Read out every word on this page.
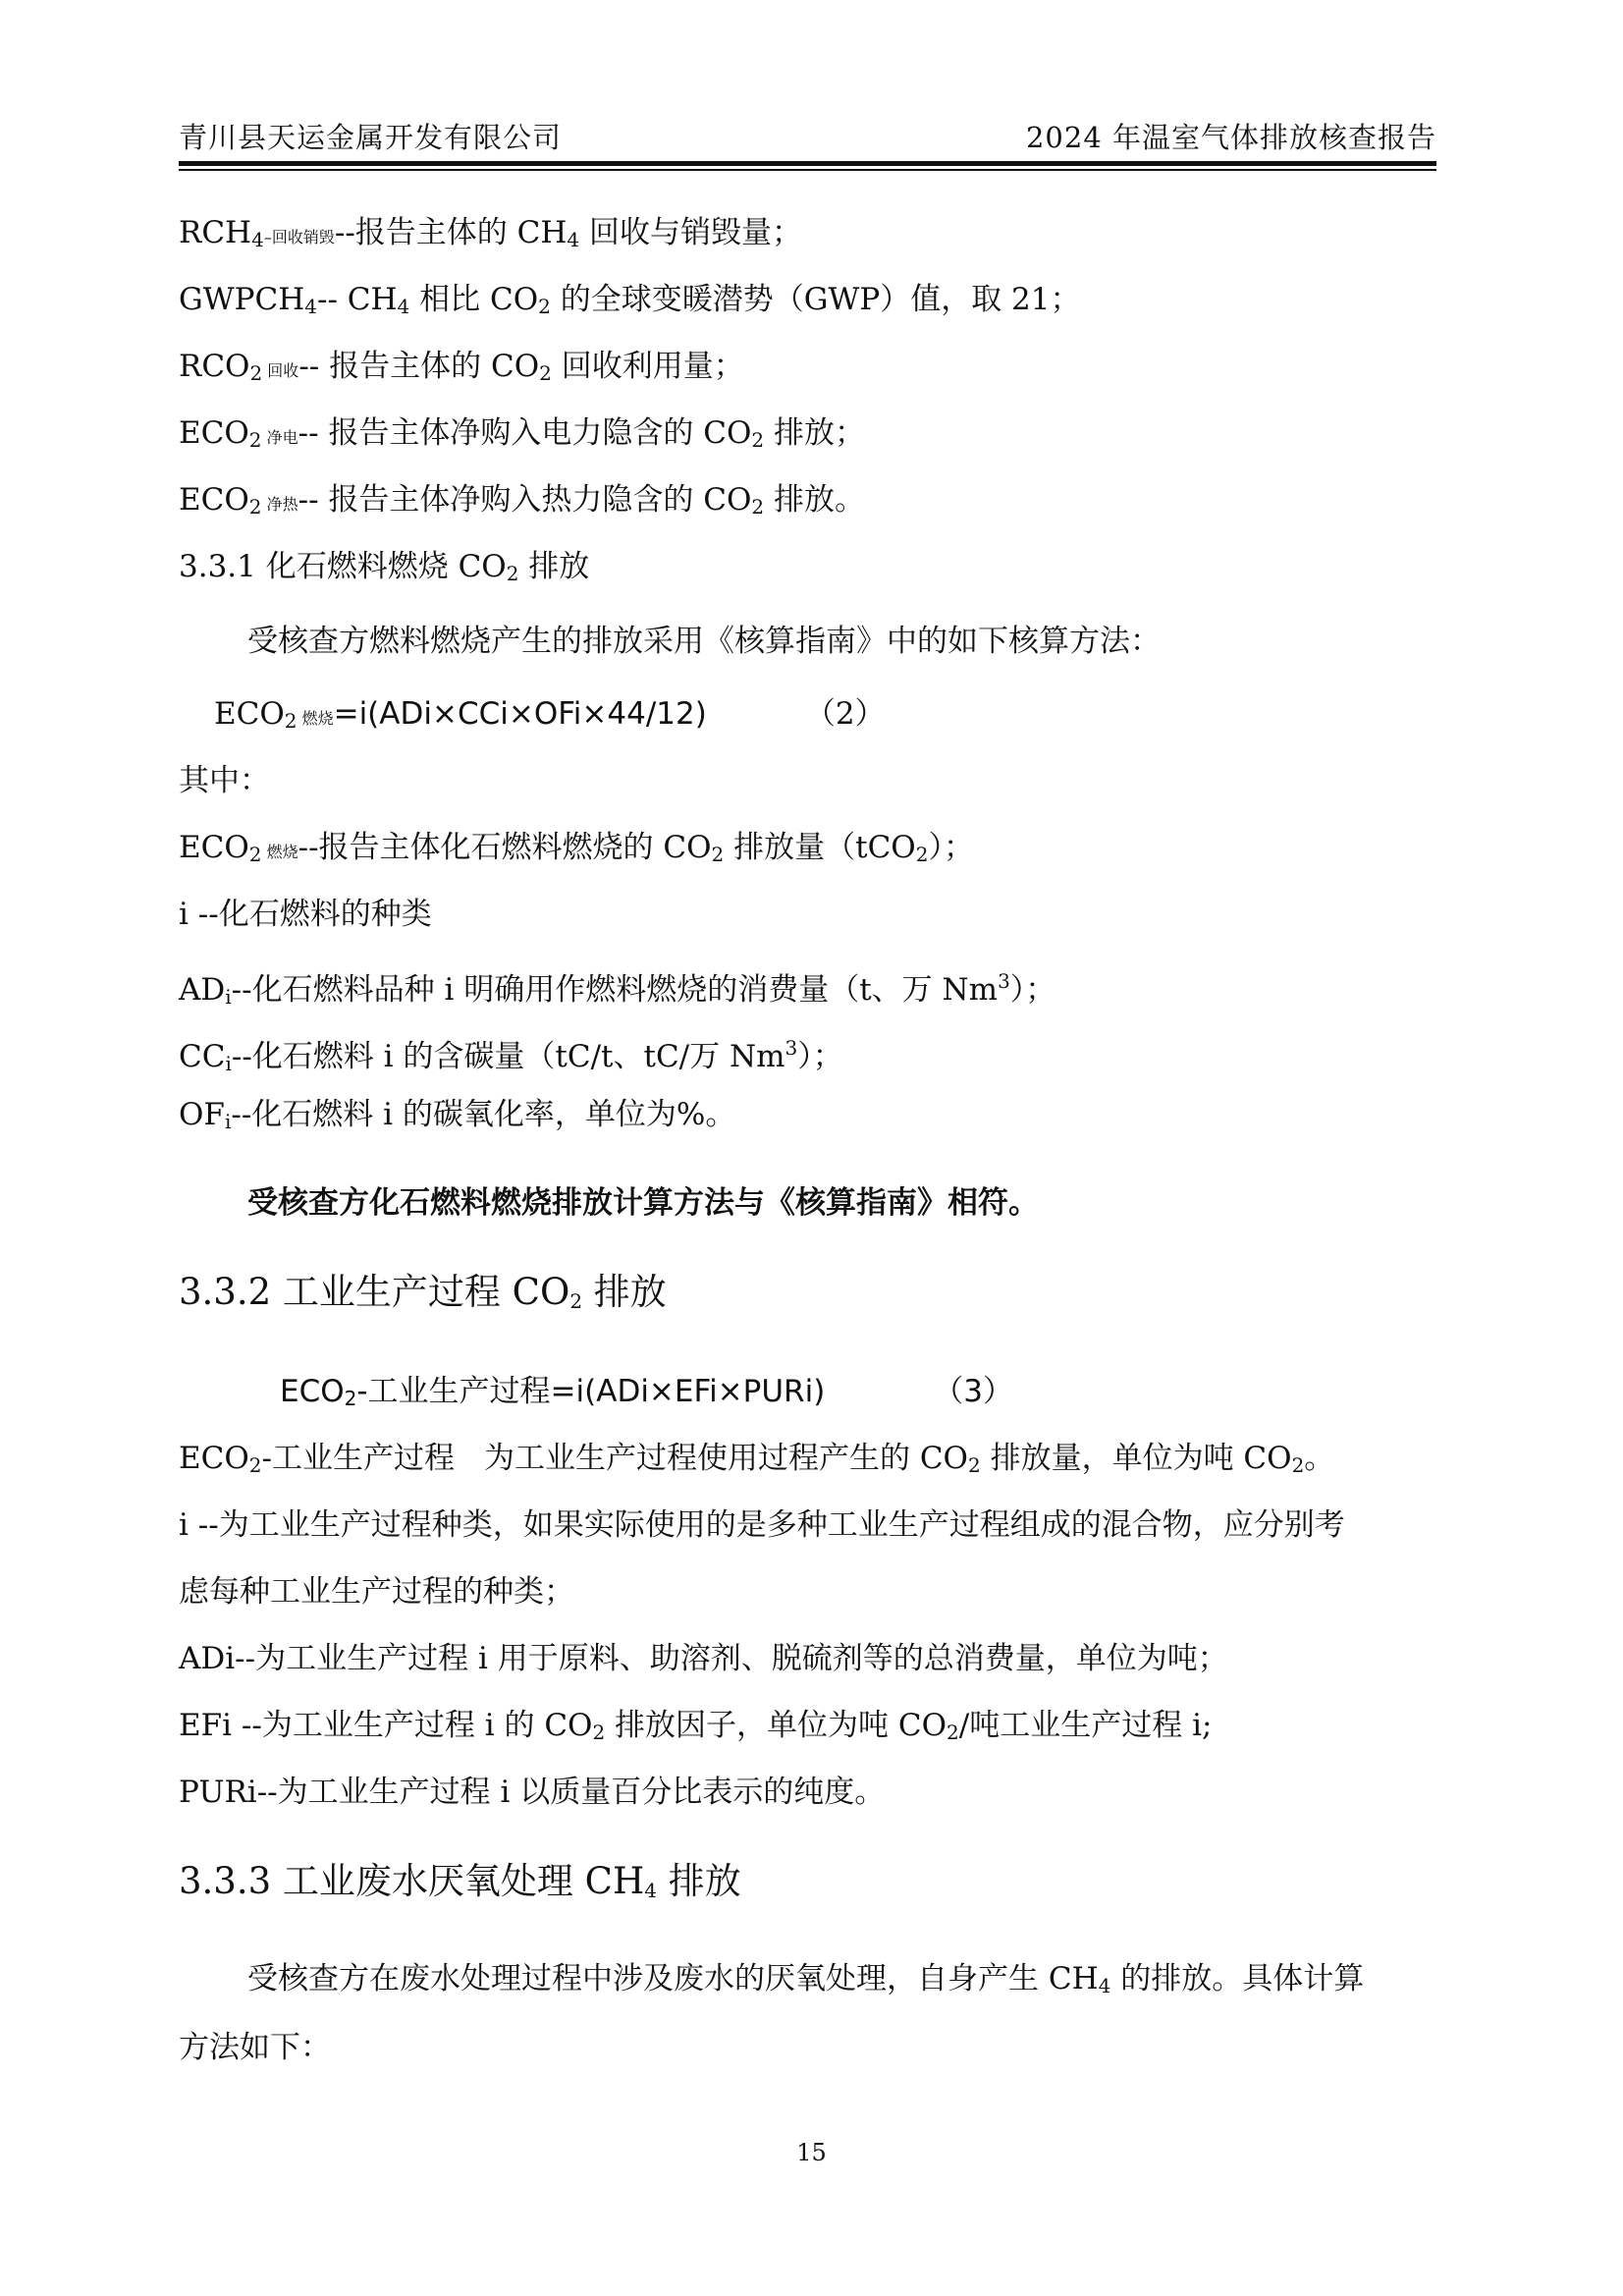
青川县天运金属开发有限公司	2024 年温室气体排放核查报告
RCH4–回收销毁--报告主体的 CH4 回收与销毁量；
GWPCH4-- CH4 相比 CO2 的全球变暖潜势（GWP）值，取 21；
RCO2 回收-- 报告主体的 CO2 回收利用量；
ECO2 净电-- 报告主体净购入电力隐含的 CO2 排放；
ECO2 净热-- 报告主体净购入热力隐含的 CO2 排放。
3.3.1 化石燃料燃烧 CO2 排放
受核查方燃料燃烧产生的排放采用《核算指南》中的如下核算方法：
ECO2 燃烧=i(ADi×CCi×OFi×44/12)	（2）
其中：
ECO2 燃烧--报告主体化石燃料燃烧的 CO2 排放量（tCO2）；
i --化石燃料的种类
ADi--化石燃料品种 i 明确用作燃料燃烧的消费量（t、万 Nm$^3$）；
CCi--化石燃料 i 的含碳量（tC/t、tC/万 Nm$^3$）；
OFi--化石燃料 i 的碳氧化率，单位为%。
受核查方化石燃料燃烧排放计算方法与《核算指南》相符。
3.3.2 工业生产过程 CO2 排放
ECO2-工业生产过程=i(ADi×EFi×PURi)	（3）
ECO2-工业生产过程 为工业生产过程使用过程产生的 CO2 排放量，单位为吨 CO2。
i --为工业生产过程种类，如果实际使用的是多种工业生产过程组成的混合物，应分别考
虑每种工业生产过程的种类；
ADi--为工业生产过程 i 用于原料、助溶剂、脱硫剂等的总消费量，单位为吨；
EFi --为工业生产过程 i 的 CO2 排放因子，单位为吨 CO2/吨工业生产过程 i;
PURi--为工业生产过程 i 以质量百分比表示的纯度。
3.3.3 工业废水厌氧处理 CH4 排放
受核查方在废水处理过程中涉及废水的厌氧处理，自身产生 CH4 的排放。具体计算
方法如下：
15
